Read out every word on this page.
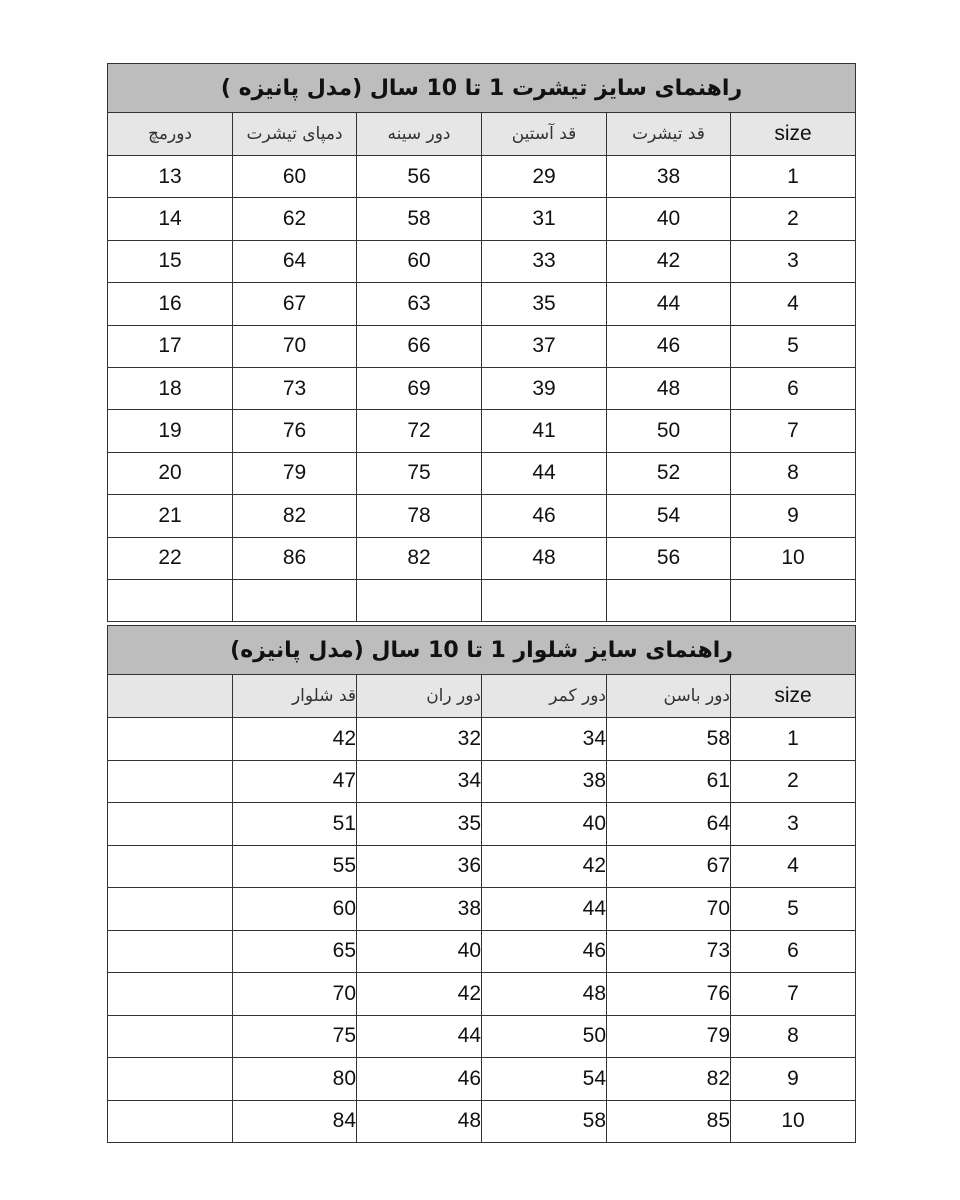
راهنمای سایز تیشرت 1 تا 10 سال (مدل پانیزه )					
دورمچ	دمپای تیشرت	دور سینه	قد آستین	قد تیشرت	size
13	60	56	29	38	1
14	62	58	31	40	2
15	64	60	33	42	3
16	67	63	35	44	4
17	70	66	37	46	5
18	73	69	39	48	6
19	76	72	41	50	7
20	79	75	44	52	8
21	82	78	46	54	9
22	86	82	48	56	10

راهنمای سایز شلوار 1 تا 10 سال (مدل پانیزه)					
	قد شلوار	دور ران	دور کمر	دور باسن	size
	42	32	34	58	1
	47	34	38	61	2
	51	35	40	64	3
	55	36	42	67	4
	60	38	44	70	5
	65	40	46	73	6
	70	42	48	76	7
	75	44	50	79	8
	80	46	54	82	9
	84	48	58	85	10
